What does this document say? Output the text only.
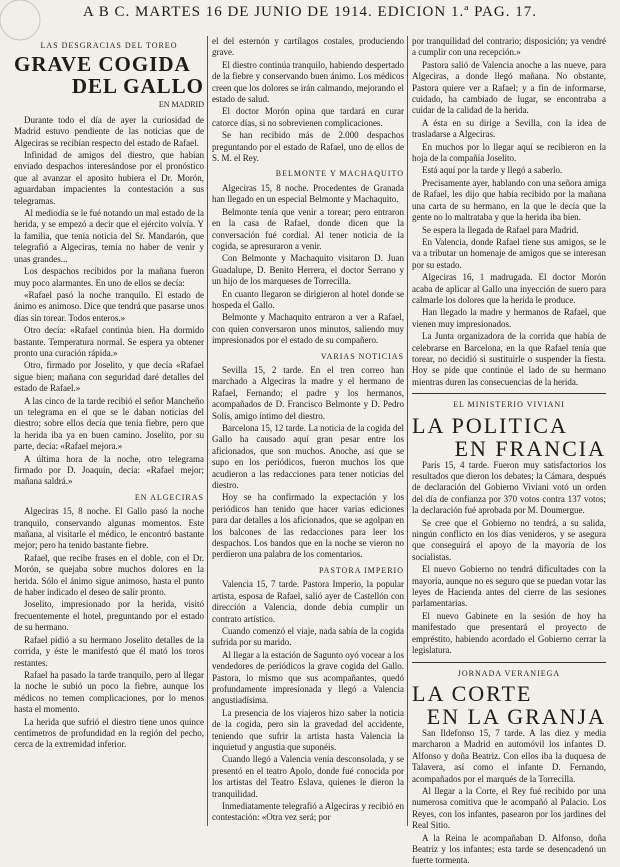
A B C. MARTES 16 DE JUNIO DE 1914. EDICION 1.ª PAG. 17.

LAS DESGRACIAS DEL TOREO

GRAVE COGIDA
DEL GALLO

EN MADRID

Durante todo el día de ayer la curiosidad de Madrid estuvo pendiente de las noticias que de Algeciras se recibían respecto del estado de Rafael.

Infinidad de amigos del diestro, que habían enviado despachos interesándose por el pronóstico que al avanzar el aposito hubiera el Dr. Morón, aguardaban impacientes la contestación a sus telegramas.

Al mediodía se le fué notando un mal estado de la herida, y se empezó a decir que el ejército volvía. Y la familia, que tenía noticia del Sr. Mandarón, que telegrafió a Algeciras, temía no haber de venir y unas grandes...

Los despachos recibidos por la mañana fueron muy poco alarmantes. En uno de ellos se decía:

«Rafael pasó la noche tranquilo. El estado de ánimo es animoso. Dice que tendrá que pasarse unos días sin torear. Todos enteros.»

Otro decía: «Rafael continúa bien. Ha dormido bastante. Temperatura normal. Se espera ya obtener pronto una curación rápida.»

Otro, firmado por Joselito, y que decía «Rafael sigue bien; mañana con seguridad daré detalles del estado de Rafael.»

A las cinco de la tarde recibió el señor Mancheño un telegrama en el que se le daban noticias del diestro; sobre ellos decía que tenía fiebre, pero que la herida iba ya en buen camino. Joselito, por su parte, decía: «Rafael mejora.»

A última hora de la noche, otro telegrama firmado por D. Joaquín, decía: «Rafael mejor; mañana saldrá.»

EN ALGECIRAS

Algeciras 15, 8 noche. El Gallo pasó la noche tranquilo, conservando algunas momentos. Este mañana, al visitarle el médico, le encontró bastante mejor; pero ha tenido bastante fiebre.

Rafael, que recibe frases en el doble, con el Dr. Morón, se quejaba sobre muchos dolores en la herida. Sólo el ánimo sigue animoso, hasta el punto de haber indicado el deseo de salir pronto.

Joselito, impresionado por la herida, visitó frecuentemente el hotel, preguntando por el estado de su hermano.

Rafael pidió a su hermano Joselito detalles de la corrida, y éste le manifestó que él mató los toros restantes.

Rafael ha pasado la tarde tranquilo, pero al llegar la noche le subió un poco la fiebre, aunque los médicos no temen complicaciones, por lo menos hasta el momento.

La herida que sufrió el diestro tiene unos quince centímetros de profundidad en la región del pecho, cerca de la extremidad inferior.

el del esternón y cartílagos costales, produciendo grave.

El diestro continúa tranquilo, habiendo despertado de la fiebre y conservando buen ánimo. Los médicos creen que los dolores se irán calmando, mejorando el estado de salud.

El doctor Morón opina que tardará en curar catorce días, si no sobrevienen complicaciones.

Se han recibido más de 2.000 despachos preguntando por el estado de Rafael, uno de ellos de S. M. el Rey.

BELMONTE Y MACHAQUITO

Algeciras 15, 8 noche. Procedentes de Granada han llegado en un especial Belmonte y Machaquito.

Belmonte tenía que venir a torear; pero entraron en la casa de Rafael, donde dicen que la conversación fué cordial. Al tener noticia de la cogida, se apresuraron a venir.

Con Belmonte y Machaquito visitaron D. Juan Guadalupe, D. Benito Herrera, el doctor Serrano y un hijo de los marqueses de Torrecilla.

En cuanto llegaron se dirigieron al hotel donde se hospeda el Gallo.

Belmonte y Machaquito entraron a ver a Rafael, con quien conversaron unos minutos, saliendo muy impresionados por el estado de su compañero.

VARIAS NOTICIAS

Sevilla 15, 2 tarde. En el tren correo han marchado a Algeciras la madre y el hermano de Rafael, Fernando; el padre y los hermanos, acompañados de D. Francisco Belmonte y D. Pedro Solís, amigo íntimo del diestro.

Barcelona 15, 12 tarde. La noticia de la cogida del Gallo ha causado aquí gran pesar entre los aficionados, que son muchos. Anoche, así que se supo en los periódicos, fueron muchos los que acudieron a las redacciones para tener noticias del diestro.

Hoy se ha confirmado la expectación y los periódicos han tenido que hacer varias ediciones para dar detalles a los aficionados, que se agolpan en los balcones de las redacciones para leer los despachos. Los bandos que en la noche se vieron no perdieron una palabra de los comentarios.

PASTORA IMPERIO

Valencia 15, 7 tarde. Pastora Imperio, la popular artista, esposa de Rafael, salió ayer de Castellón con dirección a Valencia, donde debía cumplir un contrato artístico.

Cuando comenzó el viaje, nada sabía de la cogida sufrida por su marido.

Al llegar a la estación de Sagunto oyó vocear a los vendedores de periódicos la grave cogida del Gallo. Pastora, lo mismo que sus acompañantes, quedó profundamente impresionada y llegó a Valencia angustiadísima.

La presencia de los viajeros hizo saber la noticia de la cogida, pero sin la gravedad del accidente, teniendo que sufrir la artista hasta Valencia la inquietud y angustia que suponéis.

Cuando llegó a Valencia venía desconsolada, y se presentó en el teatro Apolo, donde fué conocida por los artistas del Teatro Eslava, quienes le dieron la tranquilidad.

Inmediatamente telegrafió a Algeciras y recibió en contestación: «Otra vez será; por

por tranquilidad del contrario; disposición; ya vendré a cumplir con una recepción.»

Pastora salió de Valencia anoche a las nueve, para Algeciras, a donde llegó mañana. No obstante, Pastora quiere ver a Rafael; y a fin de informarse, cuidado, ha cambiado de lugar, se encontraba a cuidar de la calidad de la herida.

A ésta en su dirige a Sevilla, con la idea de trasladarse a Algeciras.

En muchos por lo llegar aquí se recibieron en la hoja de la compañía Joselito.

Está aquí por la tarde y llegó a saberlo.

Precisamente ayer, hablando con una señora amiga de Rafael, les dijo que había recibido por la mañana una carta de su hermano, en la que le decía que la gente no lo maltrataba y que la herida iba bien.

Se espera la llegada de Rafael para Madrid.

En Valencia, donde Rafael tiene sus amigos, se le va a tributar un homenaje de amigos que se interesan por su estado.

Algeciras 16, 1 madrugada. El doctor Morón acaba de aplicar al Gallo una inyección de suero para calmarle los dolores que la herida le produce.

Han llegado la madre y hermanos de Rafael, que vienen muy impresionados.

La Junta organizadora de la corrida que había de celebrarse en Barcelona, en la que Rafael tenía que torear, no decidió si sustituirle o suspender la fiesta. Hoy se pide que continúe el lado de su hermano mientras duren las consecuencias de la herida.

EL MINISTERIO VIVIANI

LA POLITICA
EN FRANCIA

París 15, 4 tarde. Fueron muy satisfactorios los resultados que dieron los debates; la Cámara, después de declaración del Gobierno Viviani votó un orden del día de confianza por 370 votos contra 137 votos; la declaración fué aprobada por M. Doumergue.

Se cree que el Gobierno no tendrá, a su salida, ningún conflicto en los días venideros, y se asegura que conseguirá el apoyo de la mayoría de los socialistas.

El nuevo Gobierno no tendrá dificultades con la mayoría, aunque no es seguro que se puedan votar las leyes de Hacienda antes del cierre de las sesiones parlamentarias.

El nuevo Gabinete en la sesión de hoy ha manifestado que presentará el proyecto de empréstito, habiendo acordado el Gobierno cerrar la legislatura.

JORNADA VERANIEGA

LA CORTE
EN LA GRANJA

San Ildefonso 15, 7 tarde. A las diez y media marcharon a Madrid en automóvil los infantes D. Alfonso y doña Beatriz. Con ellos iba la duquesa de Talavera, así como el infante D. Fernando, acompañados por el marqués de la Torrecilla.

Al llegar a la Corte, el Rey fué recibido por una numerosa comitiva que le acompañó al Palacio. Los Reyes, con los infantes, pasearon por los jardines del Real Sitio.

A la Reina le acompañaban D. Alfonso, doña Beatriz y los infantes; esta tarde se desencadenó un fuerte tormenta.
